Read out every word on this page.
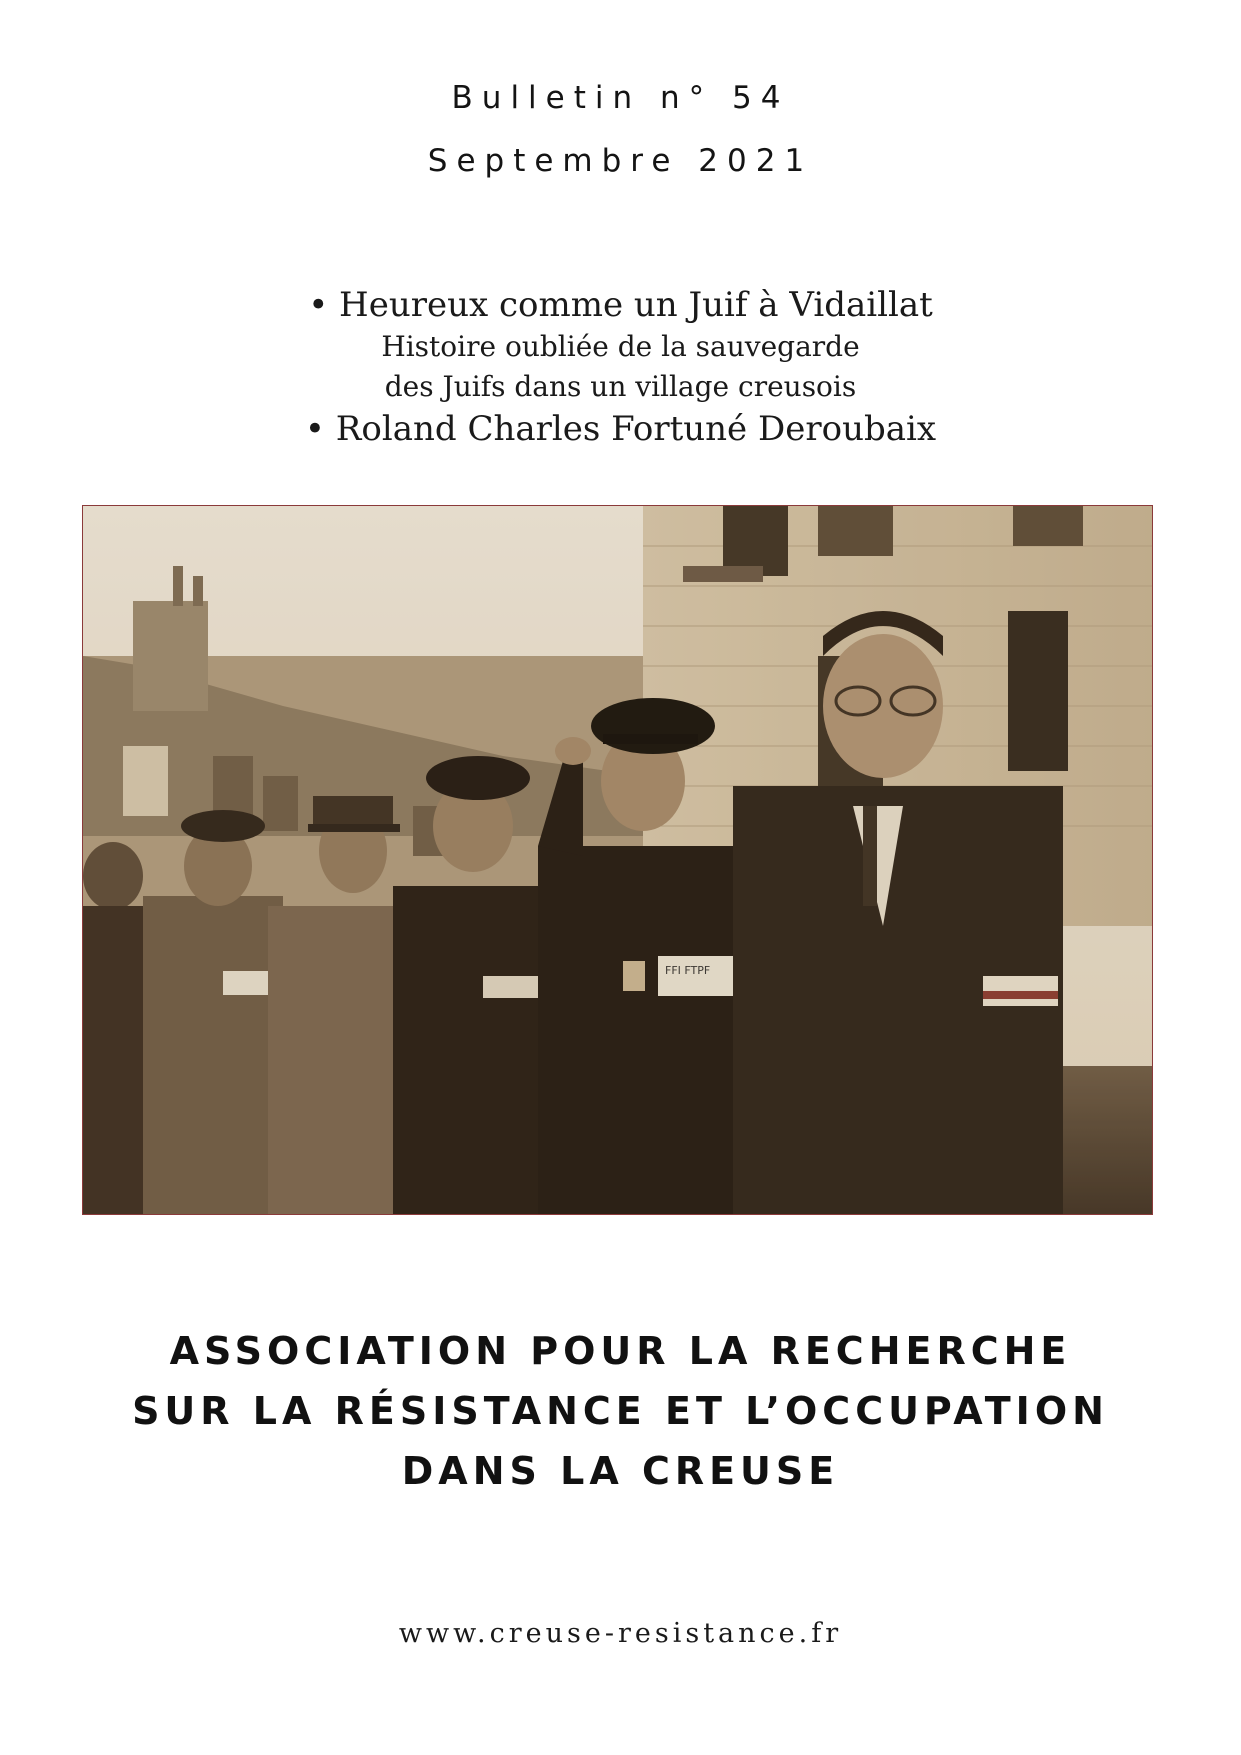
Bulletin n° 54
Septembre 2021
• Heureux comme un Juif à Vidaillat
Histoire oubliée de la sauvegarde
des Juifs dans un village creusois
• Roland Charles Fortuné Deroubaix
FFI FTPF
ASSOCIATION POUR LA RECHERCHE
SUR LA RÉSISTANCE ET L’OCCUPATION
DANS LA CREUSE
www.creuse-resistance.fr
